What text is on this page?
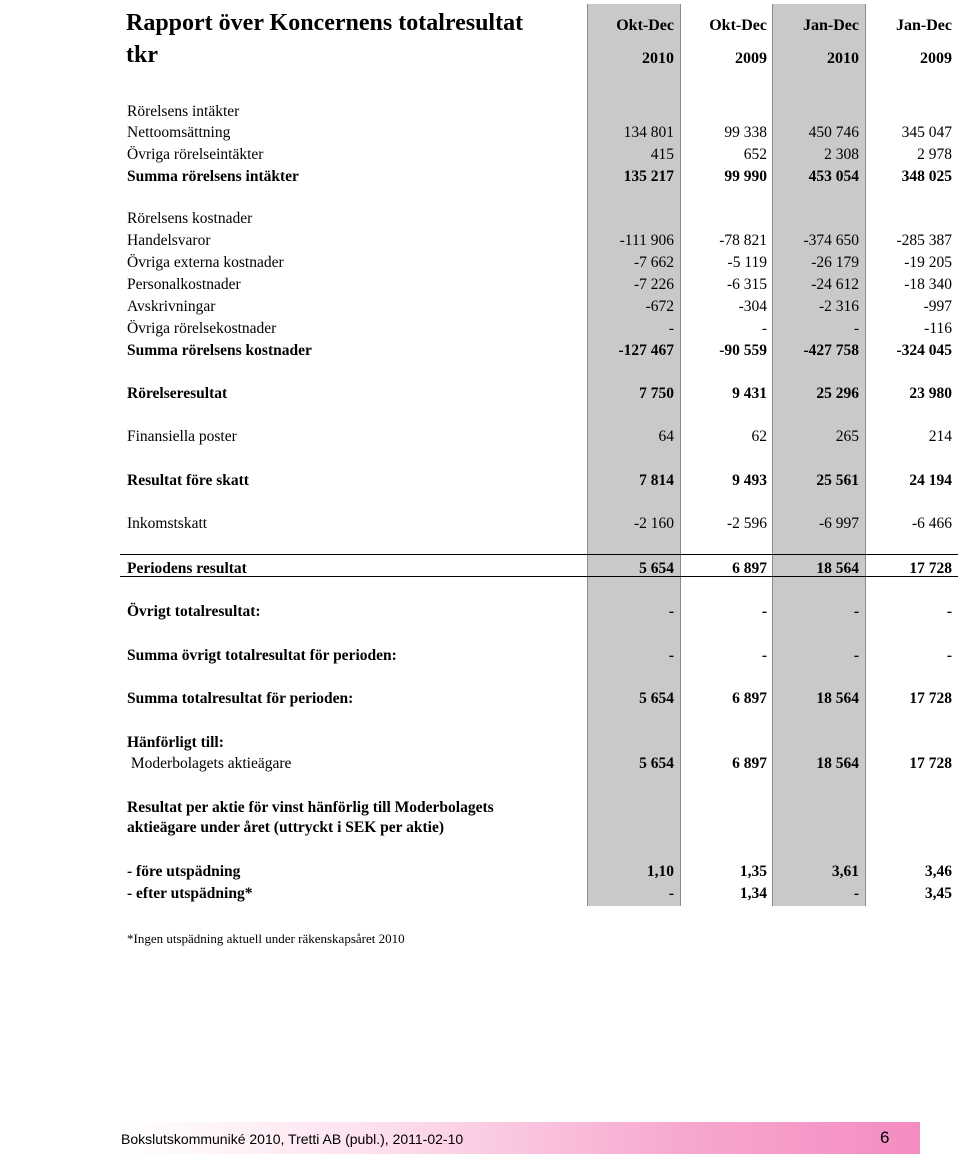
Rapport över Koncernens totalresultat
tkr
Okt-Dec	Okt-Dec	Jan-Dec	Jan-Dec
2010	2009	2010	2009
Rörelsens intäkter
Nettoomsättning	134 801	99 338	450 746	345 047
Övriga rörelseintäkter	415	652	2 308	2 978
Summa rörelsens intäkter	135 217	99 990	453 054	348 025
Rörelsens kostnader
Handelsvaror	-111 906	-78 821	-374 650	-285 387
Övriga externa kostnader	-7 662	-5 119	-26 179	-19 205
Personalkostnader	-7 226	-6 315	-24 612	-18 340
Avskrivningar	-672	-304	-2 316	-997
Övriga rörelsekostnader	-	-	-	-116
Summa rörelsens kostnader	-127 467	-90 559	-427 758	-324 045
Rörelseresultat	7 750	9 431	25 296	23 980
Finansiella poster	64	62	265	214
Resultat före skatt	7 814	9 493	25 561	24 194
Inkomstskatt	-2 160	-2 596	-6 997	-6 466
Periodens resultat	5 654	6 897	18 564	17 728
Övrigt totalresultat:	-	-	-	-
Summa övrigt totalresultat för perioden:	-	-	-	-
Summa totalresultat för perioden:	5 654	6 897	18 564	17 728
Hänförligt till:
Moderbolagets aktieägare	5 654	6 897	18 564	17 728
Resultat per aktie för vinst hänförlig till Moderbolagets
aktieägare under året (uttryckt i SEK per aktie)
- före utspädning	1,10	1,35	3,61	3,46
- efter utspädning*	-	1,34	-	3,45
*Ingen utspädning aktuell under räkenskapsåret 2010
Bokslutskommuniké 2010, Tretti AB (publ.), 2011-02-10	6
